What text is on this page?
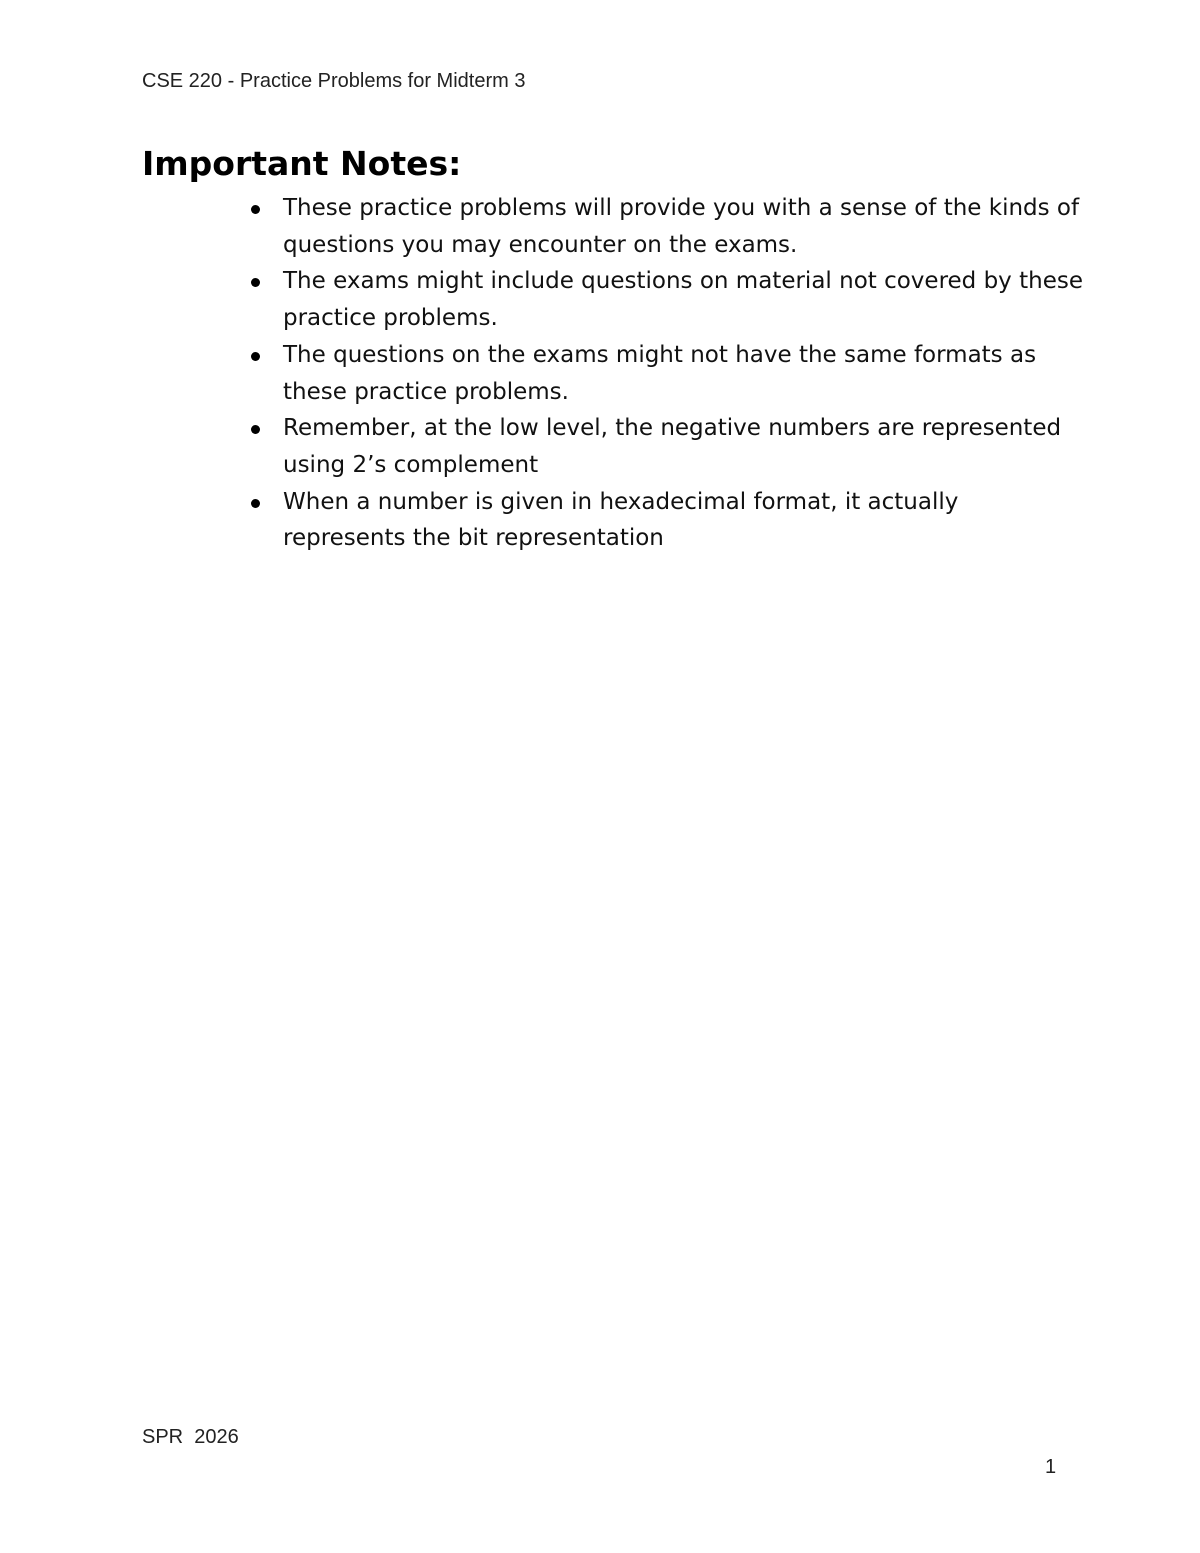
CSE 220 - Practice Problems for Midterm 3

Important Notes:
These practice problems will provide you with a sense of the kinds of questions you may encounter on the exams.
The exams might include questions on material not covered by these practice problems.
The questions on the exams might not have the same formats as these practice problems.
Remember, at the low level, the negative numbers are represented using 2’s complement
When a number is given in hexadecimal format, it actually represents the bit representation

SPR  2026

1
